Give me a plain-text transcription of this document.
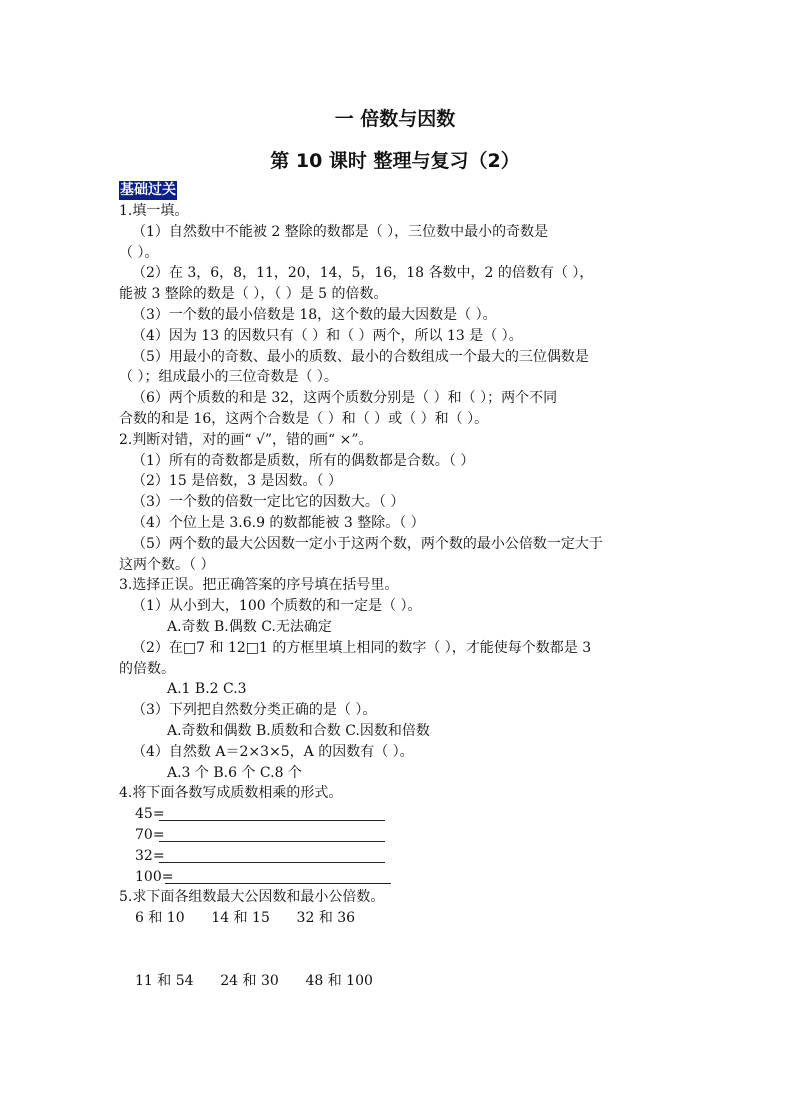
一 倍数与因数
第 10 课时 整理与复习（2）
基础过关
1.填一填。
（1）自然数中不能被 2 整除的数都是（ ），三位数中最小的奇数是
（ ）。
（2）在 3，6，8，11，20，14，5，16，18 各数中，2 的倍数有（ ），
能被 3 整除的数是（ ），（ ）是 5 的倍数。
（3）一个数的最小倍数是 18，这个数的最大因数是（ ）。
（4）因为 13 的因数只有（ ）和（ ）两个，所以 13 是（ ）。
（5）用最小的奇数、最小的质数、最小的合数组成一个最大的三位偶数是
（ ）；组成最小的三位奇数是（ ）。
（6）两个质数的和是 32，这两个质数分别是（ ）和（ ）；两个不同
合数的和是 16，这两个合数是（ ）和（ ）或（ ）和（ ）。
2.判断对错，对的画“ √”，错的画“ ×”。
（1）所有的奇数都是质数，所有的偶数都是合数。（ ）
（2）15 是倍数，3 是因数。（ ）
（3）一个数的倍数一定比它的因数大。（ ）
（4）个位上是 3.6.9 的数都能被 3 整除。（ ）
（5）两个数的最大公因数一定小于这两个数，两个数的最小公倍数一定大于
这两个数。（ ）
3.选择正误。把正确答案的序号填在括号里。
（1）从小到大，100 个质数的和一定是（ ）。
A.奇数 B.偶数 C.无法确定
（2）在□7 和 12□1 的方框里填上相同的数字（ ），才能使每个数都是 3
的倍数。
A.1 B.2 C.3
（3）下列把自然数分类正确的是（ ）。
A.奇数和偶数 B.质数和合数 C.因数和倍数
（4）自然数 A＝2×3×5，A 的因数有（ ）。
A.3 个 B.6 个 C.8 个
4.将下面各数写成质数相乘的形式。
45=
70=
32=
100=
5.求下面各组数最大公因数和最小公倍数。
6 和 10      14 和 15      32 和 36
11 和 54      24 和 30      48 和 100
